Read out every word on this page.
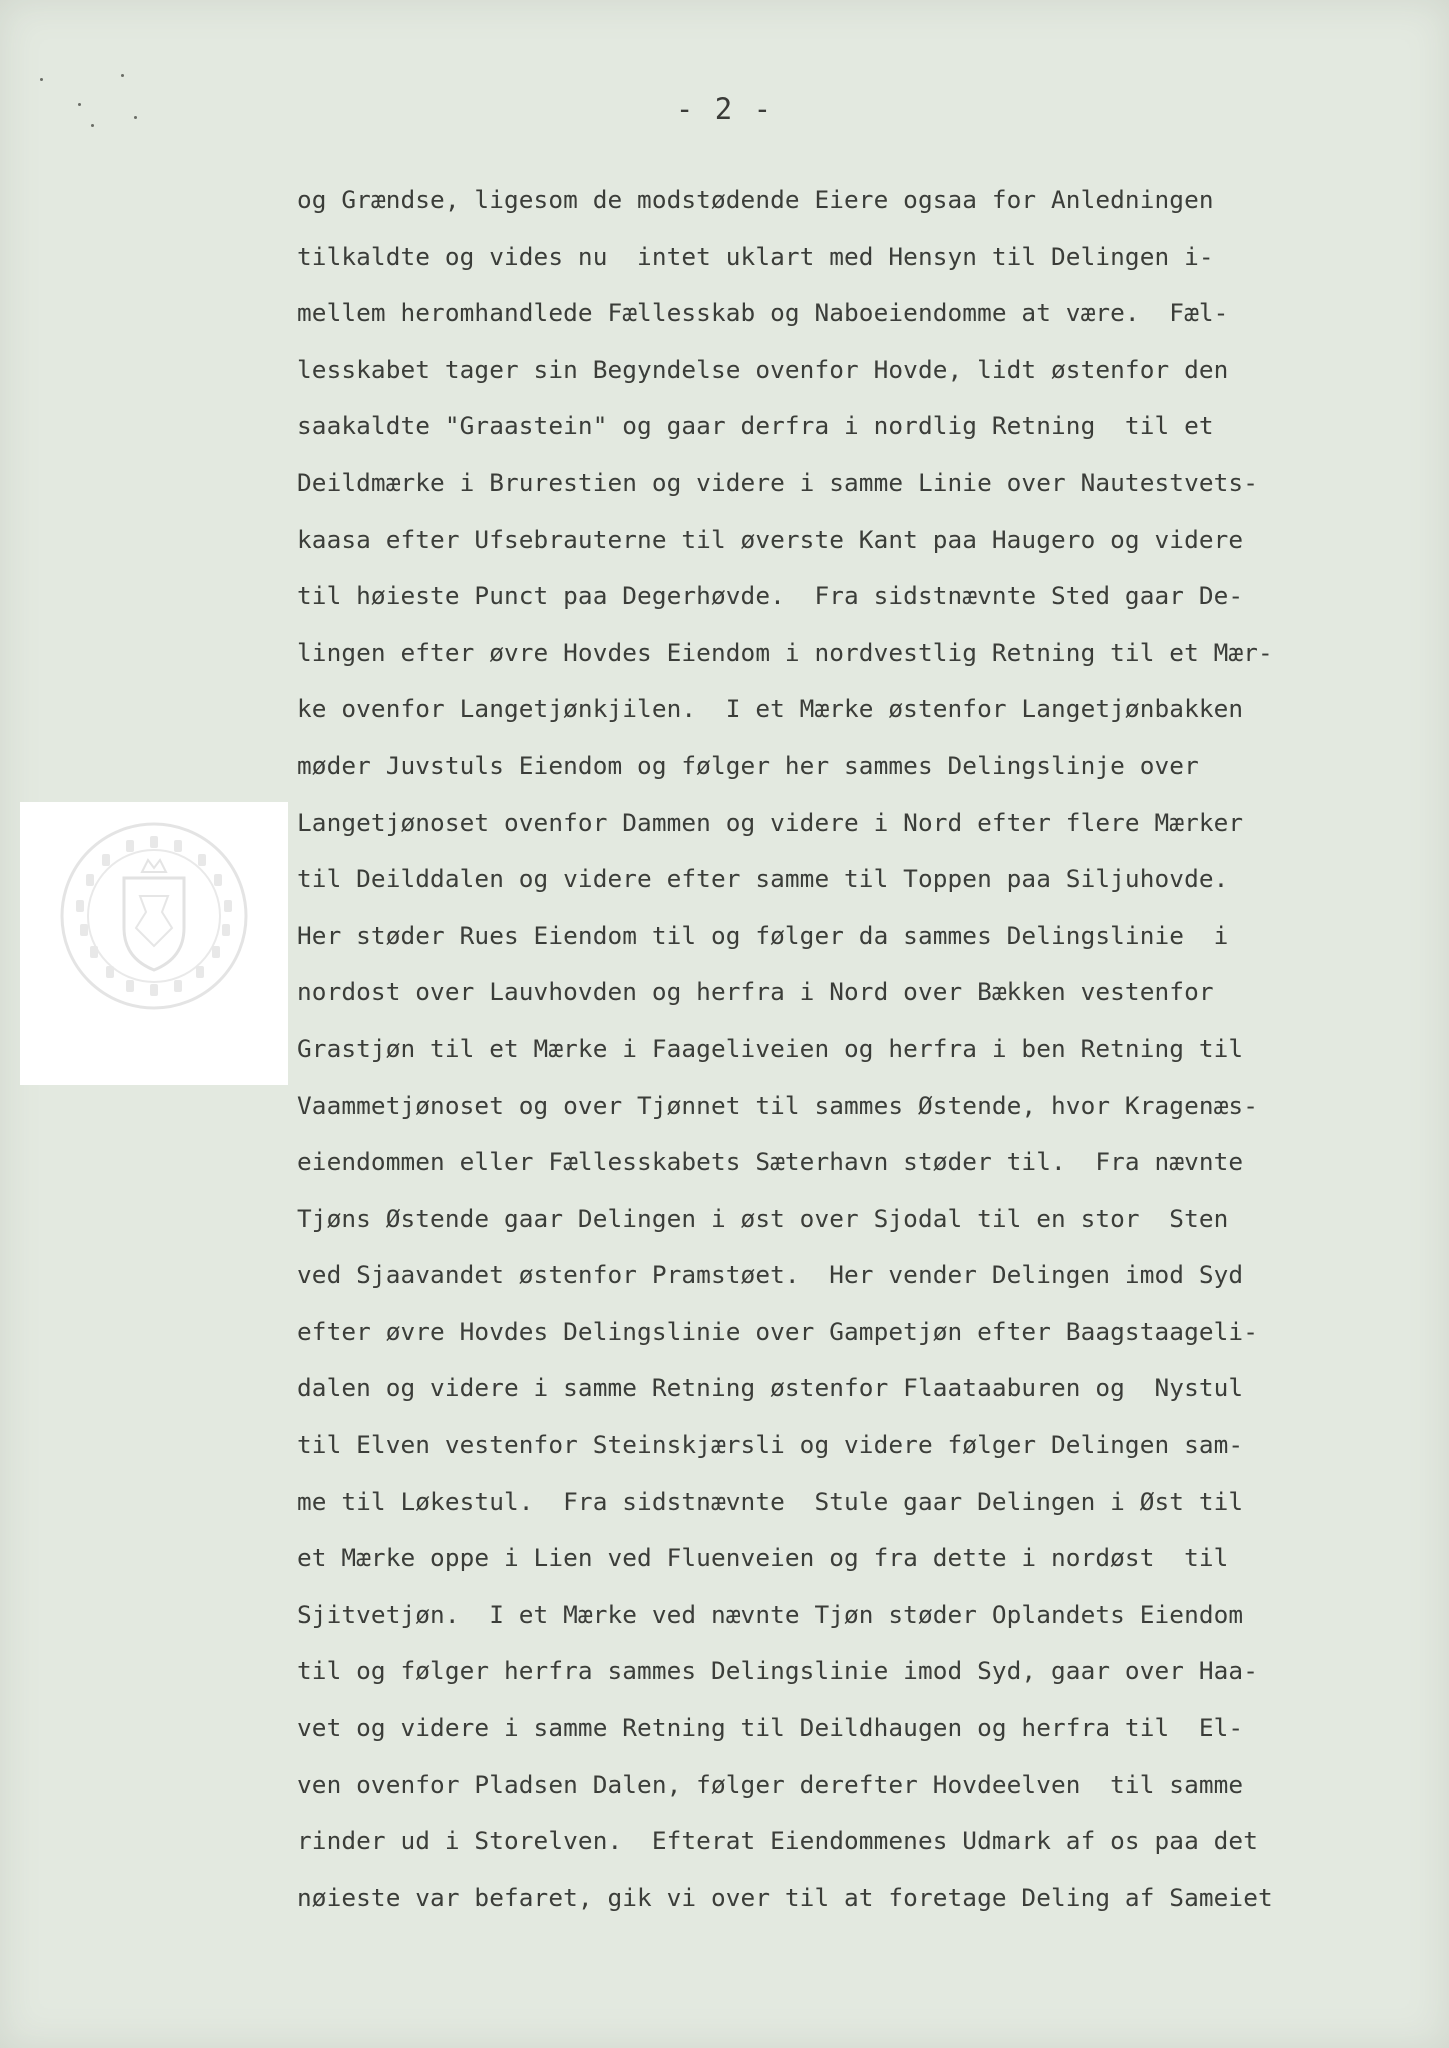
- 2 -
og Grændse, ligesom de modstødende Eiere ogsaa for Anledningen
tilkaldte og vides nu  intet uklart med Hensyn til Delingen i-
mellem heromhandlede Fællesskab og Naboeiendomme at være.  Fæl-
lesskabet tager sin Begyndelse ovenfor Hovde, lidt østenfor den
saakaldte "Graastein" og gaar derfra i nordlig Retning  til et
Deildmærke i Brurestien og videre i samme Linie over Nautestvets-
kaasa efter Ufsebrauterne til øverste Kant paa Haugero og videre
til høieste Punct paa Degerhøvde.  Fra sidstnævnte Sted gaar De-
lingen efter øvre Hovdes Eiendom i nordvestlig Retning til et Mær-
ke ovenfor Langetjønkjilen.  I et Mærke østenfor Langetjønbakken
møder Juvstuls Eiendom og følger her sammes Delingslinje over
Langetjønoset ovenfor Dammen og videre i Nord efter flere Mærker
til Deilddalen og videre efter samme til Toppen paa Siljuhovde.
Her støder Rues Eiendom til og følger da sammes Delingslinie  i
nordost over Lauvhovden og herfra i Nord over Bækken vestenfor
Grastjøn til et Mærke i Faageliveien og herfra i ben Retning til
Vaammetjønoset og over Tjønnet til sammes Østende, hvor Kragenæs-
eiendommen eller Fællesskabets Sæterhavn støder til.  Fra nævnte
Tjøns Østende gaar Delingen i øst over Sjodal til en stor  Sten
ved Sjaavandet østenfor Pramstøet.  Her vender Delingen imod Syd
efter øvre Hovdes Delingslinie over Gampetjøn efter Baagstaageli-
dalen og videre i samme Retning østenfor Flaataaburen og  Nystul
til Elven vestenfor Steinskjærsli og videre følger Delingen sam-
me til Løkestul.  Fra sidstnævnte  Stule gaar Delingen i Øst til
et Mærke oppe i Lien ved Fluenveien og fra dette i nordøst  til
Sjitvetjøn.  I et Mærke ved nævnte Tjøn støder Oplandets Eiendom
til og følger herfra sammes Delingslinie imod Syd, gaar over Haa-
vet og videre i samme Retning til Deildhaugen og herfra til  El-
ven ovenfor Pladsen Dalen, følger derefter Hovdeelven  til samme
rinder ud i Storelven.  Efterat Eiendommenes Udmark af os paa det
nøieste var befaret, gik vi over til at foretage Deling af Sameiet
